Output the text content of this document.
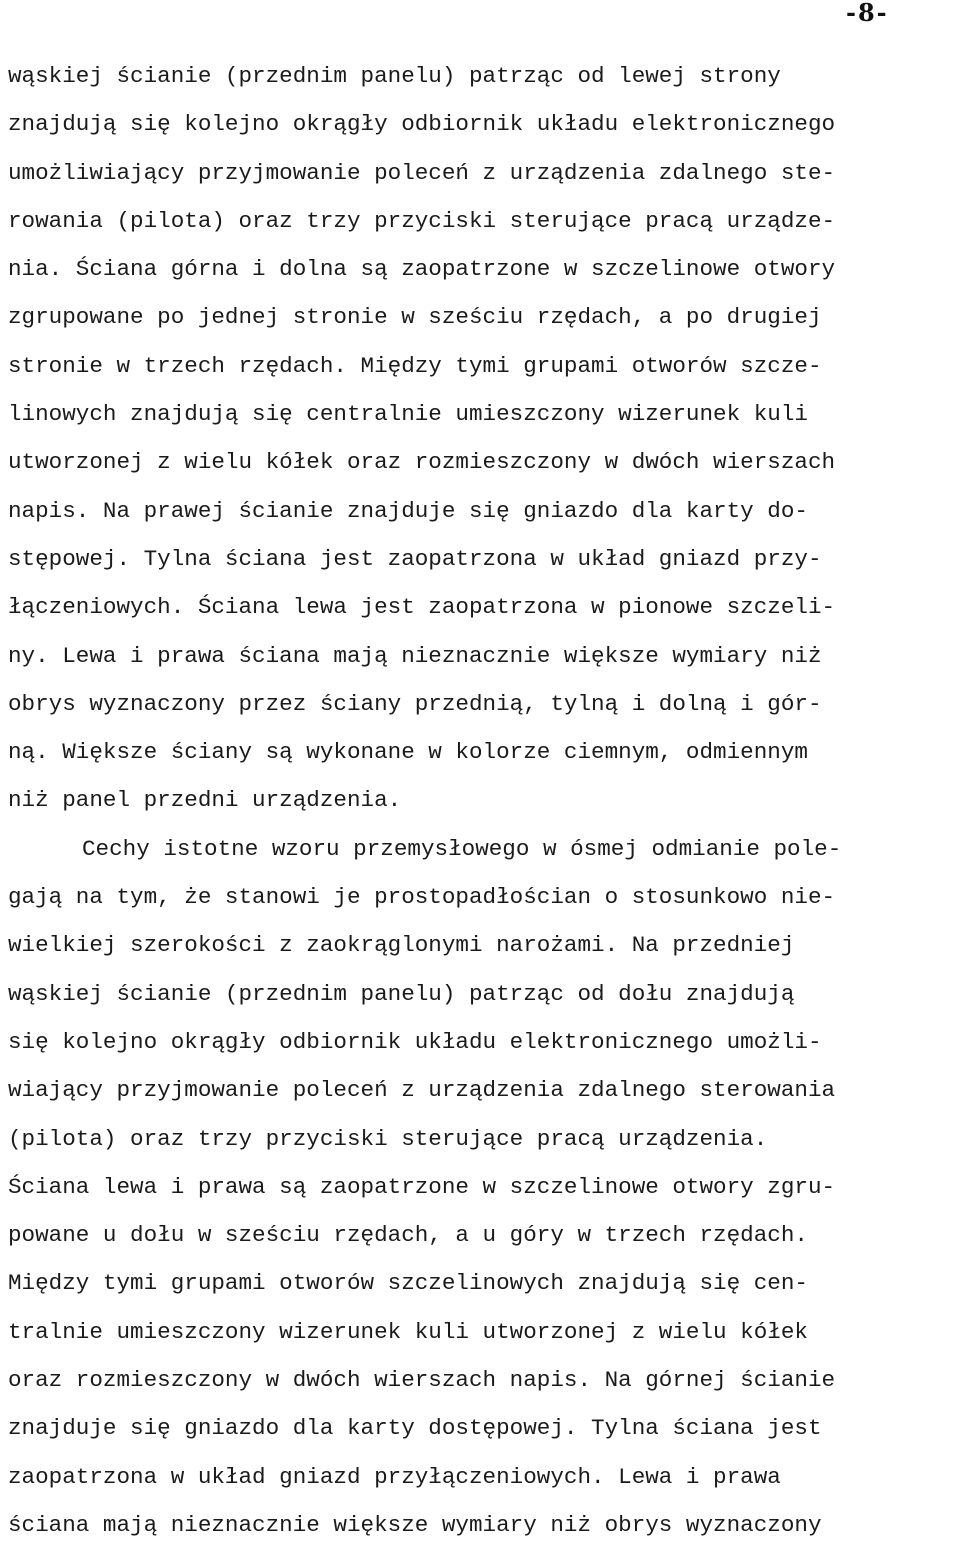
-8-
wąskiej ścianie (przednim panelu) patrząc od lewej strony
znajdują się kolejno okrągły odbiornik układu elektronicznego
umożliwiający przyjmowanie poleceń z urządzenia zdalnego ste-
rowania (pilota) oraz trzy przyciski sterujące pracą urządze-
nia. Ściana górna i dolna są zaopatrzone w szczelinowe otwory
zgrupowane po jednej stronie w sześciu rzędach, a po drugiej
stronie w trzech rzędach. Między tymi grupami otworów szcze-
linowych znajdują się centralnie umieszczony wizerunek kuli
utworzonej z wielu kółek oraz rozmieszczony w dwóch wierszach
napis. Na prawej ścianie znajduje się gniazdo dla karty do-
stępowej. Tylna ściana jest zaopatrzona w układ gniazd przy-
łączeniowych. Ściana lewa jest zaopatrzona w pionowe szczeli-
ny. Lewa i prawa ściana mają nieznacznie większe wymiary niż
obrys wyznaczony przez ściany przednią, tylną i dolną i gór-
ną. Większe ściany są wykonane w kolorze ciemnym, odmiennym
niż panel przedni urządzenia.
Cechy istotne wzoru przemysłowego w ósmej odmianie pole-
gają na tym, że stanowi je prostopadłościan o stosunkowo nie-
wielkiej szerokości z zaokrąglonymi narożami. Na przedniej
wąskiej ścianie (przednim panelu) patrząc od dołu znajdują
się kolejno okrągły odbiornik układu elektronicznego umożli-
wiający przyjmowanie poleceń z urządzenia zdalnego sterowania
(pilota) oraz trzy przyciski sterujące pracą urządzenia.
Ściana lewa i prawa są zaopatrzone w szczelinowe otwory zgru-
powane u dołu w sześciu rzędach, a u góry w trzech rzędach.
Między tymi grupami otworów szczelinowych znajdują się cen-
tralnie umieszczony wizerunek kuli utworzonej z wielu kółek
oraz rozmieszczony w dwóch wierszach napis. Na górnej ścianie
znajduje się gniazdo dla karty dostępowej. Tylna ściana jest
zaopatrzona w układ gniazd przyłączeniowych. Lewa i prawa
ściana mają nieznacznie większe wymiary niż obrys wyznaczony
